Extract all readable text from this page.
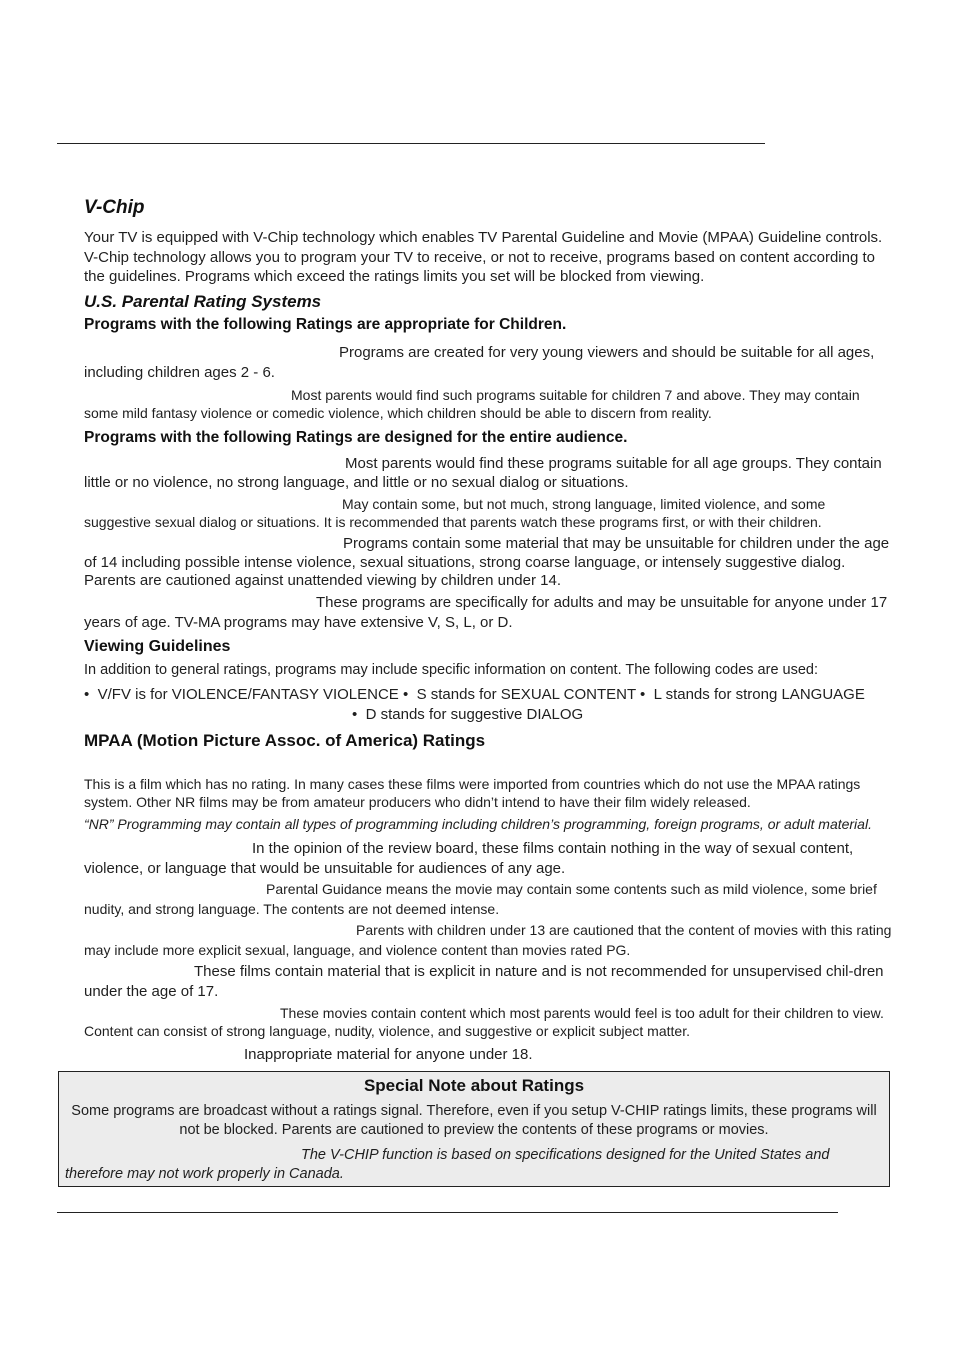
V-Chip
Your TV is equipped with V-Chip technology which enables TV Parental Guideline and Movie (MPAA) Guideline controls. V-Chip technology allows you to program your TV to receive, or not to receive, programs based on content according to the guidelines. Programs which exceed the ratings limits you set will be blocked from viewing.
U.S. Parental Rating Systems
Programs with the following Ratings are appropriate for Children.
Programs are created for very young viewers and should be suitable for all ages, including children ages 2 - 6.
Most parents would find such programs suitable for children 7 and above. They may contain some mild fantasy violence or comedic violence, which children should be able to discern from reality.
Programs with the following Ratings are designed for the entire audience.
Most parents would find these programs suitable for all age groups. They contain little or no violence, no strong language, and little or no sexual dialog or situations.
May contain some, but not much, strong language, limited violence, and some suggestive sexual dialog or situations. It is recommended that parents watch these programs first, or with their children.
Programs contain some material that may be unsuitable for children under the age of 14 including possible intense violence, sexual situations, strong coarse language, or intensely suggestive dialog. Parents are cautioned against unattended viewing by children under 14.
These programs are specifically for adults and may be unsuitable for anyone under 17 years of age. TV-MA programs may have extensive V, S, L, or D.
Viewing Guidelines
In addition to general ratings, programs may include specific information on content. The following codes are used:
• V/FV is for VIOLENCE/FANTASY VIOLENCE • S stands for SEXUAL CONTENT • L stands for strong LANGUAGE
• D stands for suggestive DIALOG
MPAA (Motion Picture Assoc. of America) Ratings
This is a film which has no rating. In many cases these films were imported from countries which do not use the MPAA ratings system. Other NR films may be from amateur producers who didn’t intend to have their film widely released.
“NR” Programming may contain all types of programming including children’s programming, foreign programs, or adult material.
In the opinion of the review board, these films contain nothing in the way of sexual content, violence, or language that would be unsuitable for audiences of any age.
Parental Guidance means the movie may contain some contents such as mild violence, some brief nudity, and strong language. The contents are not deemed intense.
Parents with children under 13 are cautioned that the content of movies with this rating may include more explicit sexual, language, and violence content than movies rated PG.
These films contain material that is explicit in nature and is not recommended for unsupervised chil-dren under the age of 17.
These movies contain content which most parents would feel is too adult for their children to view. Content can consist of strong language, nudity, violence, and suggestive or explicit subject matter.
Inappropriate material for anyone under 18.
Special Note about Ratings
Some programs are broadcast without a ratings signal. Therefore, even if you setup V-CHIP ratings limits, these programs will not be blocked. Parents are cautioned to preview the contents of these programs or movies.
The V-CHIP function is based on specifications designed for the United States and therefore may not work properly in Canada.
